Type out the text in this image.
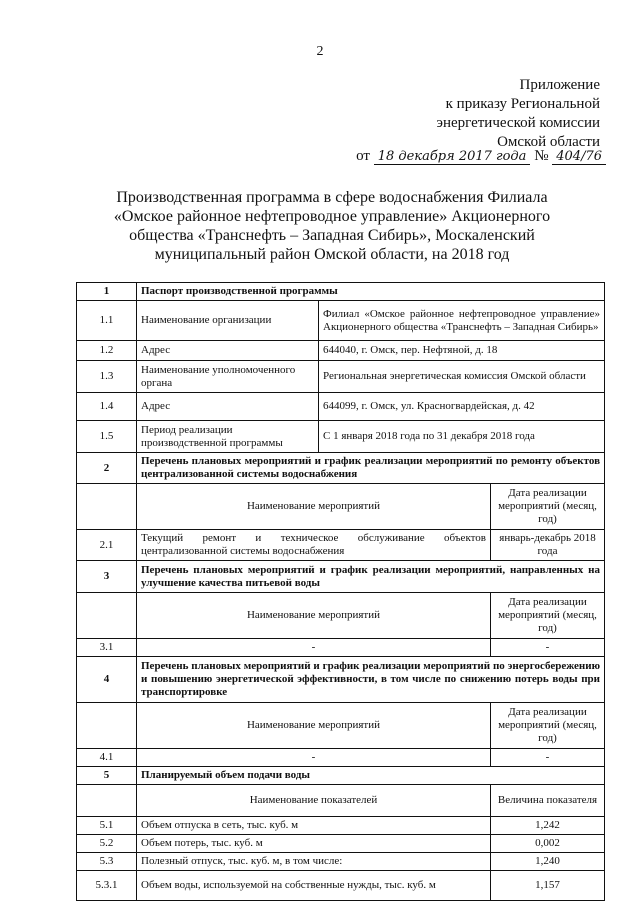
2
Приложение
к приказу Региональной
энергетической комиссии
Омской области
от 18 декабря 2017 года № 404/76
Производственная программа в сфере водоснабжения Филиала «Омское районное нефтепроводное управление» Акционерного общества «Транснефть – Западная Сибирь», Москаленский муниципальный район Омской области, на 2018 год
1	Паспорт производственной программы		
1.1	Наименование организации	Филиал «Омское районное нефтепроводное управление» Акционерного общества «Транснефть – Западная Сибирь»	
1.2	Адрес	644040, г. Омск, пер. Нефтяной, д. 18	
1.3	Наименование уполномоченного органа	Региональная энергетическая комиссия Омской области	
1.4	Адрес	644099, г. Омск, ул. Красногвардейская, д. 42	
1.5	Период реализации производственной программы	С 1 января 2018 года по 31 декабря 2018 года	
2	Перечень плановых мероприятий и график реализации мероприятий по ремонту объектов централизованной системы водоснабжения		
	Наименование мероприятий		Дата реализации мероприятий (месяц, год)
2.1	Текущий ремонт и техническое обслуживание объектов централизованной системы водоснабжения		январь-декабрь 2018 года
3	Перечень плановых мероприятий и график реализации мероприятий, направленных на улучшение качества питьевой воды		
	Наименование мероприятий		Дата реализации мероприятий (месяц, год)
3.1	-		-
4	Перечень плановых мероприятий и график реализации мероприятий по энергосбережению и повышению энергетической эффективности, в том числе по снижению потерь воды при транспортировке		
	Наименование мероприятий		Дата реализации мероприятий (месяц, год)
4.1	-		-
5	Планируемый объем подачи воды		
	Наименование показателей		Величина показателя
5.1	Объем отпуска в сеть, тыс. куб. м		1,242
5.2	Объем потерь, тыс. куб. м		0,002
5.3	Полезный отпуск, тыс. куб. м, в том числе:		1,240
5.3.1	Объем воды, используемой на собственные нужды, тыс. куб. м		1,157
